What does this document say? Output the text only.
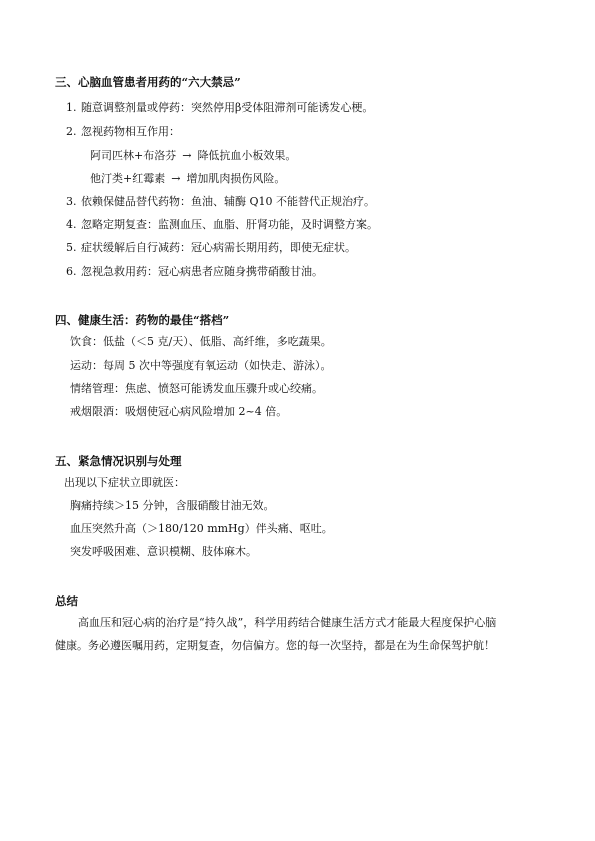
三、心脑血管患者用药的“六大禁忌”
1. 随意调整剂量或停药：突然停用β受体阻滞剂可能诱发心梗。
2. 忽视药物相互作用：
阿司匹林+布洛芬 → 降低抗血小板效果。
他汀类+红霉素 → 增加肌肉损伤风险。
3. 依赖保健品替代药物：鱼油、辅酶 Q10 不能替代正规治疗。
4. 忽略定期复查：监测血压、血脂、肝肾功能，及时调整方案。
5. 症状缓解后自行减药：冠心病需长期用药，即使无症状。
6. 忽视急救用药：冠心病患者应随身携带硝酸甘油。
四、健康生活：药物的最佳“搭档”
饮食：低盐（＜5 克/天）、低脂、高纤维，多吃蔬果。
运动：每周 5 次中等强度有氧运动（如快走、游泳）。
情绪管理：焦虑、愤怒可能诱发血压骤升或心绞痛。
戒烟限酒：吸烟使冠心病风险增加 2~4 倍。
五、紧急情况识别与处理
出现以下症状立即就医：
胸痛持续＞15 分钟，含服硝酸甘油无效。
血压突然升高（＞180/120 mmHg）伴头痛、呕吐。
突发呼吸困难、意识模糊、肢体麻木。
总结
高血压和冠心病的治疗是“持久战”，科学用药结合健康生活方式才能最大程度保护心脑
健康。务必遵医嘱用药，定期复查，勿信偏方。您的每一次坚持，都是在为生命保驾护航！
